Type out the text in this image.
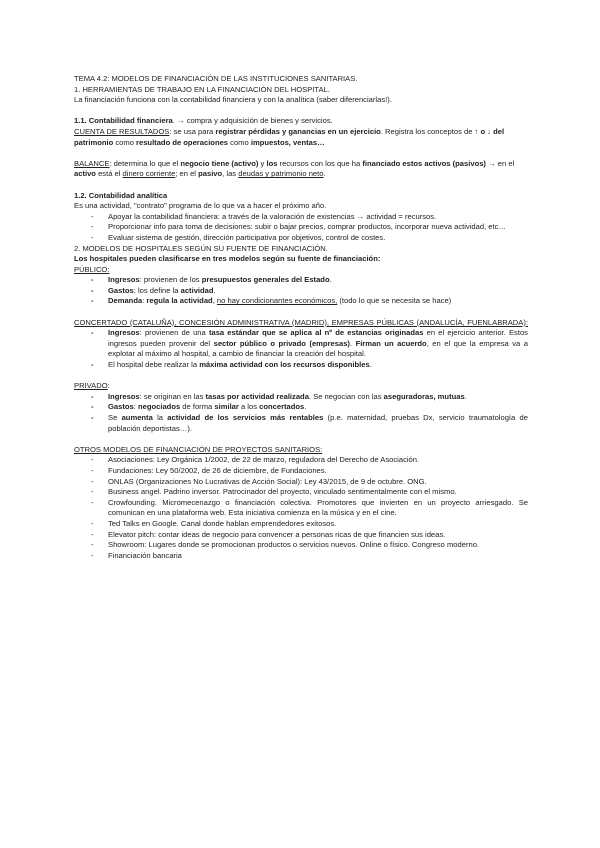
TEMA 4.2: MODELOS DE FINANCIACIÓN DE LAS INSTITUCIONES SANITARIAS.

1. HERRAMIENTAS DE TRABAJO EN LA FINANCIACIÓN DEL HOSPITAL.

La financiación funciona con la contabilidad financiera y con la analítica (saber diferenciarlas!).

1.1. Contabilidad financiera. → compra y adquisición de bienes y servicios.

CUENTA DE RESULTADOS: se usa para registrar pérdidas y ganancias en un ejercicio. Registra los conceptos de ↑ o ↓ del patrimonio como resultado de operaciones como impuestos, ventas…

BALANCE: determina lo que el negocio tiene (activo) y los recursos con los que ha financiado estos activos (pasivos) → en el activo está el dinero corriente; en el pasivo, las deudas y patrimonio neto.

1.2. Contabilidad analítica

Es una actividad, "contrato" programa de lo que va a hacer el próximo año.

- Apoyar la contabilidad financiera: a través de la valoración de existencias → actividad = recursos.
- Proporcionar info para toma de decisiones: subir o bajar precios, comprar productos, incorporar nueva actividad, etc…
- Evaluar sistema de gestión, dirección participativa por objetivos, control de costes.

2. MODELOS DE HOSPITALES SEGÚN SU FUENTE DE FINANCIACIÓN.

Los hospitales pueden clasificarse en tres modelos según su fuente de financiación:

PÚBLICO:

- Ingresos: provienen de los presupuestos generales del Estado.
- Gastos: los define la actividad.
- Demanda: regula la actividad, no hay condicionantes económicos, (todo lo que se necesita se hace)

CONCERTADO (CATALUÑA), CONCESIÓN ADMINISTRATIVA (MADRID), EMPRESAS PÚBLICAS (ANDALUCÍA, FUENLABRADA):

- Ingresos: provienen de una tasa estándar que se aplica al nº de estancias originadas en el ejercicio anterior. Estos ingresos pueden provenir del sector público o privado (empresas). Firman un acuerdo, en el que la empresa va a explotar al máximo al hospital, a cambio de financiar la creación del hospital.
- El hospital debe realizar la máxima actividad con los recursos disponibles.

PRIVADO:

- Ingresos: se originan en las tasas por actividad realizada. Se negocian con las aseguradoras, mutuas.
- Gastos: negociados de forma similar a los concertados.
- Se aumenta la actividad de los servicios más rentables (p.e. maternidad, pruebas Dx, servicio traumatología de población deportistas…).

OTROS MODELOS DE FINANCIACIÓN DE PROYECTOS SANITARIOS:

- Asociaciones: Ley Orgánica 1/2002, de 22 de marzo, reguladora del Derecho de Asociación.
- Fundaciones: Ley 50/2002, de 26 de diciembre, de Fundaciones.
- ONLAS (Organizaciones No Lucrativas de Acción Social): Ley 43/2015, de 9 de octubre. ONG.
- Business angel. Padrino inversor. Patrocinador del proyecto, vinculado sentimentalmente con el mismo.
- Crowfounding. Micromecenazgo o financiación colectiva. Promotores que invierten en un proyecto arriesgado. Se comunican en una plataforma web. Esta iniciativa comienza en la música y en el cine.
- Ted Talks en Google. Canal donde hablan emprendedores exitosos.
- Elevator pitch: contar ideas de negocio para convencer a personas ricas de que financien sus ideas.
- Showroom: Lugares donde se promocionan productos o servicios nuevos. Online o físico. Congreso moderno.
- Financiación bancaria
